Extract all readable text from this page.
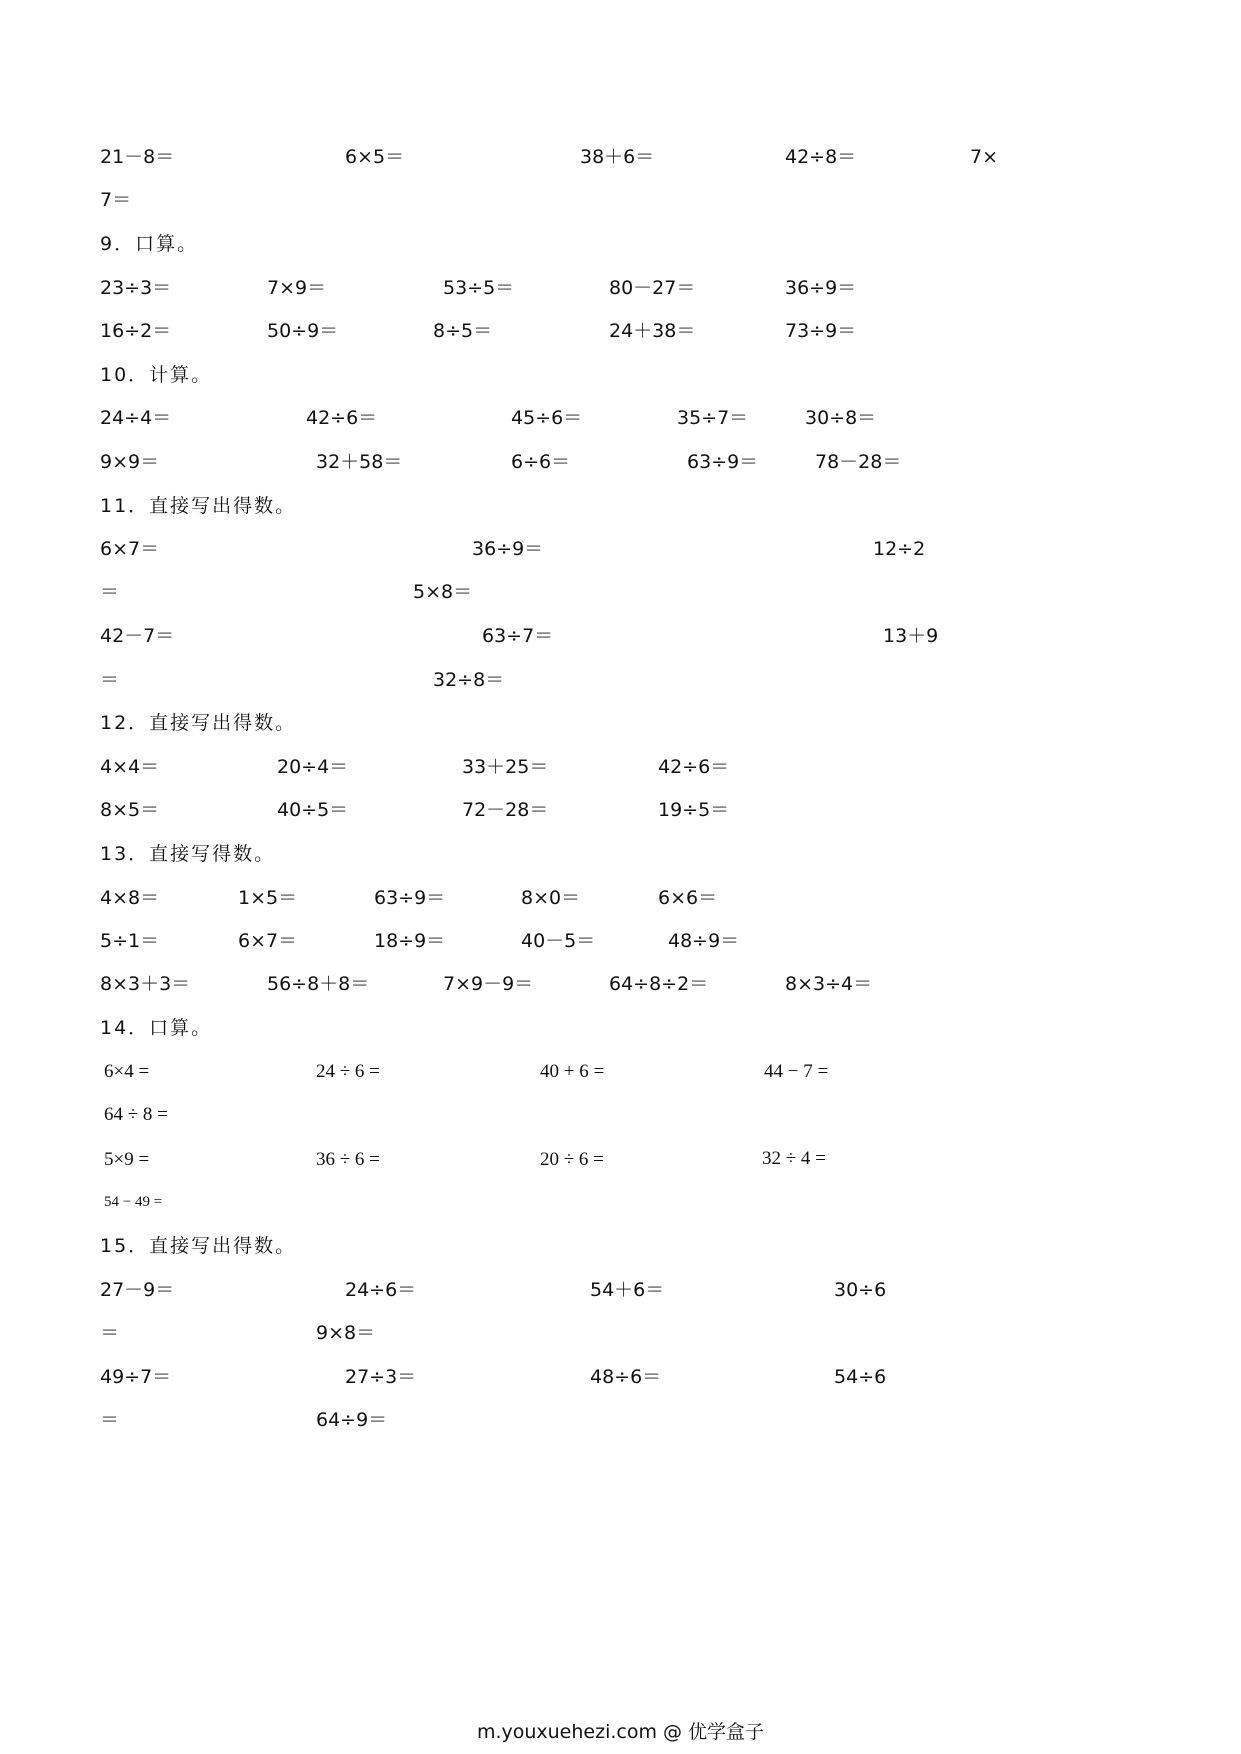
21－8＝	6×5＝	38＋6＝	42÷8＝	7×
7＝
9．口算。
23÷3＝	7×9＝	53÷5＝	80－27＝	36÷9＝
16÷2＝	50÷9＝	8÷5＝	24＋38＝	73÷9＝
10．计算。
24÷4＝	42÷6＝	45÷6＝	35÷7＝	30÷8＝
9×9＝	32＋58＝	6÷6＝	63÷9＝	78－28＝
11．直接写出得数。
6×7＝	36÷9＝	12÷2
＝	5×8＝
42－7＝	63÷7＝	13＋9
＝	32÷8＝
12．直接写出得数。
4×4＝	20÷4＝	33＋25＝	42÷6＝
8×5＝	40÷5＝	72－28＝	19÷5＝
13．直接写得数。
4×8＝	1×5＝	63÷9＝	8×0＝	6×6＝
5÷1＝	6×7＝	18÷9＝	40－5＝	48÷9＝
8×3＋3＝	56÷8＋8＝	7×9－9＝	64÷8÷2＝	8×3÷4＝
14．口算。
6×4 =	24 ÷ 6 =	40 + 6 =	44 − 7 =
64 ÷ 8 =
5×9 =	36 ÷ 6 =	20 ÷ 6 =	32 ÷ 4 =
54 − 49 =
15．直接写出得数。
27－9＝	24÷6＝	54＋6＝	30÷6
＝	9×8＝
49÷7＝	27÷3＝	48÷6＝	54÷6
＝	64÷9＝
m.youxuehezi.com @ 优学盒子
